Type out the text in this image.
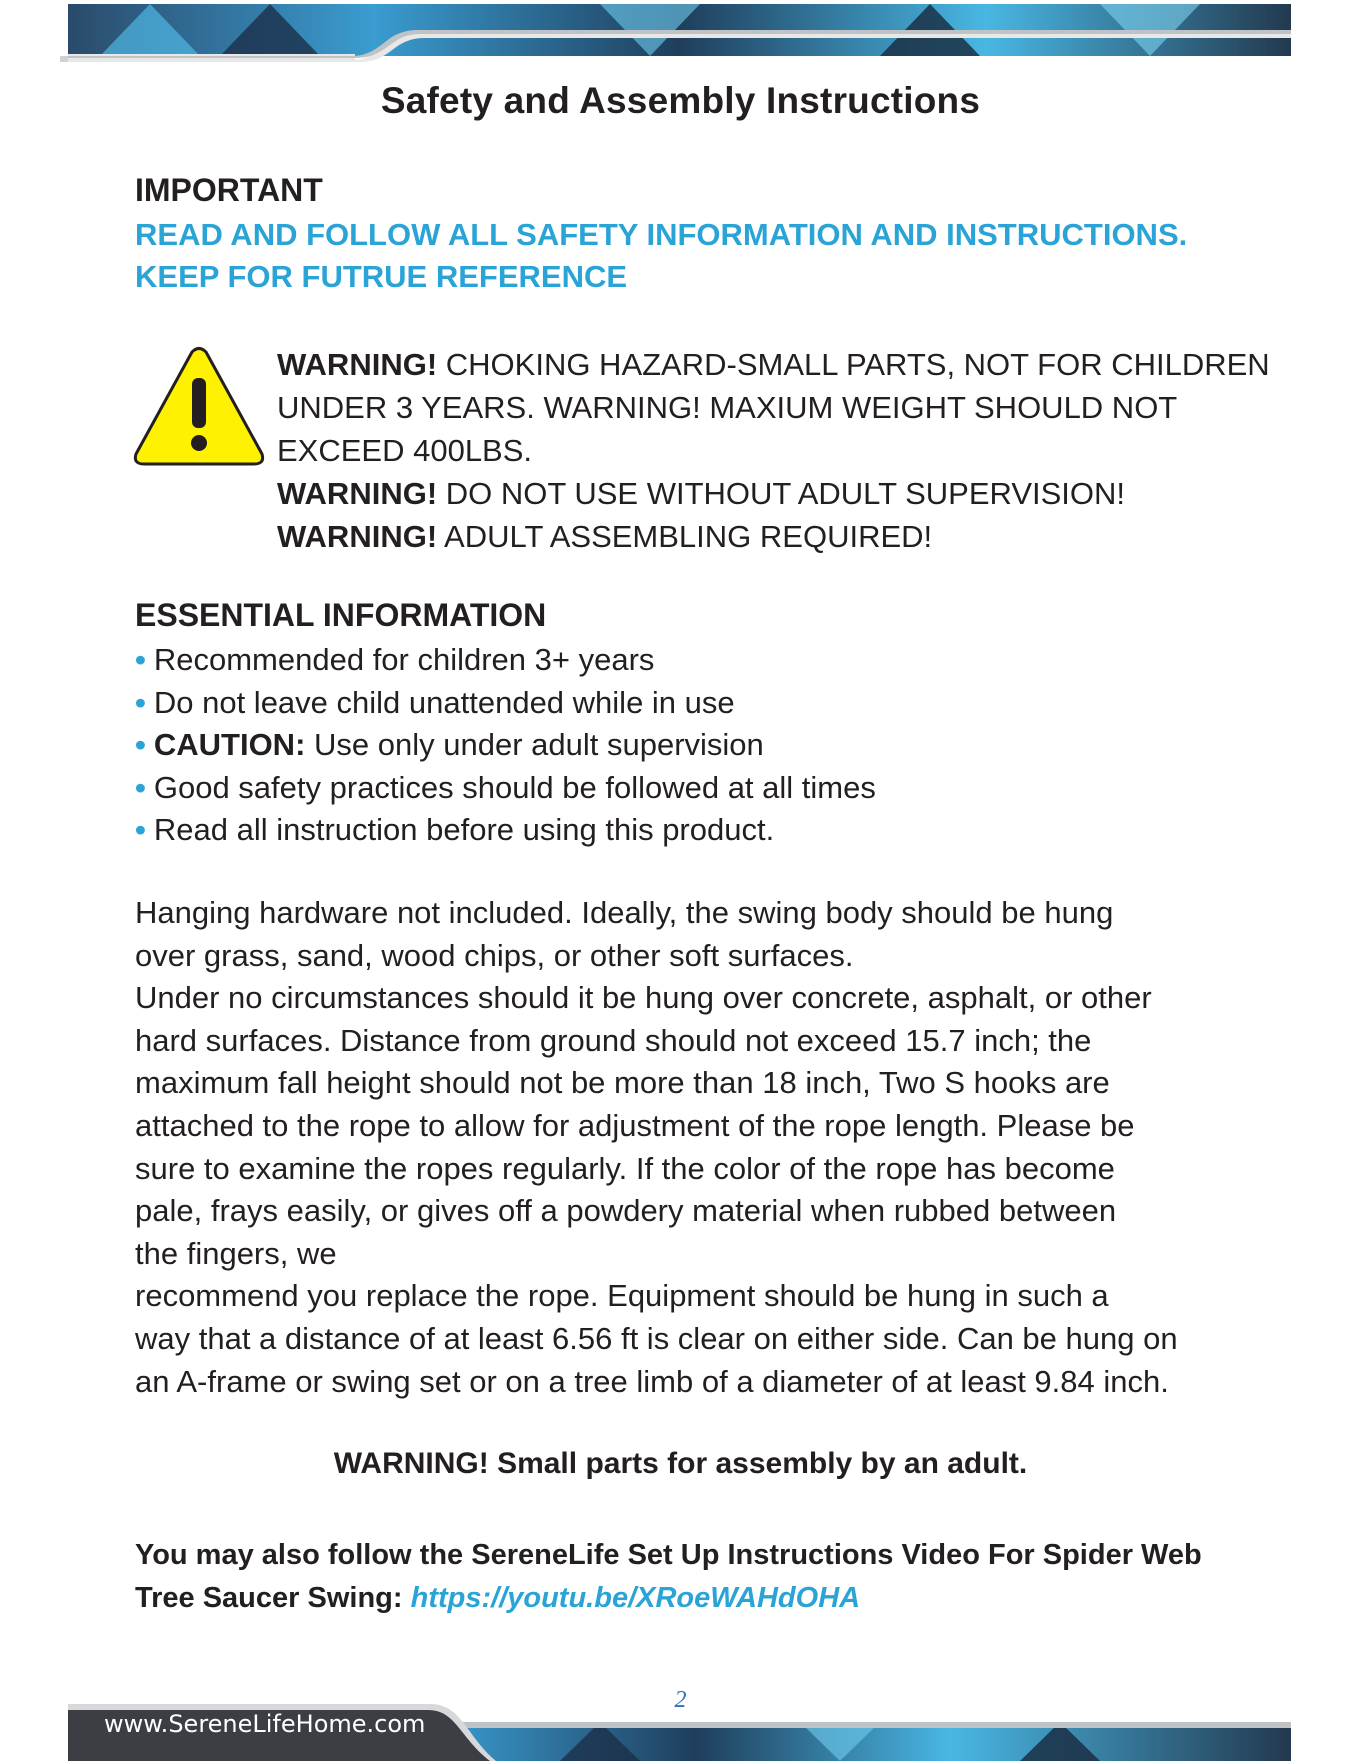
Safety and Assembly Instructions
IMPORTANT
READ AND FOLLOW ALL SAFETY INFORMATION AND INSTRUCTIONS.
KEEP FOR FUTRUE REFERENCE
WARNING! CHOKING HAZARD-SMALL PARTS, NOT FOR CHILDREN
UNDER 3 YEARS. WARNING! MAXIUM WEIGHT SHOULD NOT
EXCEED 400LBS.
WARNING! DO NOT USE WITHOUT ADULT SUPERVISION!
WARNING! ADULT ASSEMBLING REQUIRED!
ESSENTIAL INFORMATION
• Recommended for children 3+ years
• Do not leave child unattended while in use
• CAUTION: Use only under adult supervision
• Good safety practices should be followed at all times
• Read all instruction before using this product.
Hanging hardware not included. Ideally, the swing body should be hung
over grass, sand, wood chips, or other soft surfaces.
Under no circumstances should it be hung over concrete, asphalt, or other
hard surfaces. Distance from ground should not exceed 15.7 inch; the
maximum fall height should not be more than 18 inch, Two S hooks are
attached to the rope to allow for adjustment of the rope length. Please be
sure to examine the ropes regularly. If the color of the rope has become
pale, frays easily, or gives off a powdery material when rubbed between
the fingers, we
recommend you replace the rope. Equipment should be hung in such a
way that a distance of at least 6.56 ft is clear on either side. Can be hung on
an A-frame or swing set or on a tree limb of a diameter of at least 9.84 inch.
WARNING! Small parts for assembly by an adult.
You may also follow the SereneLife Set Up Instructions Video For Spider Web
Tree Saucer Swing: https://youtu.be/XRoeWAHdOHA
2
www.SereneLifeHome.com
